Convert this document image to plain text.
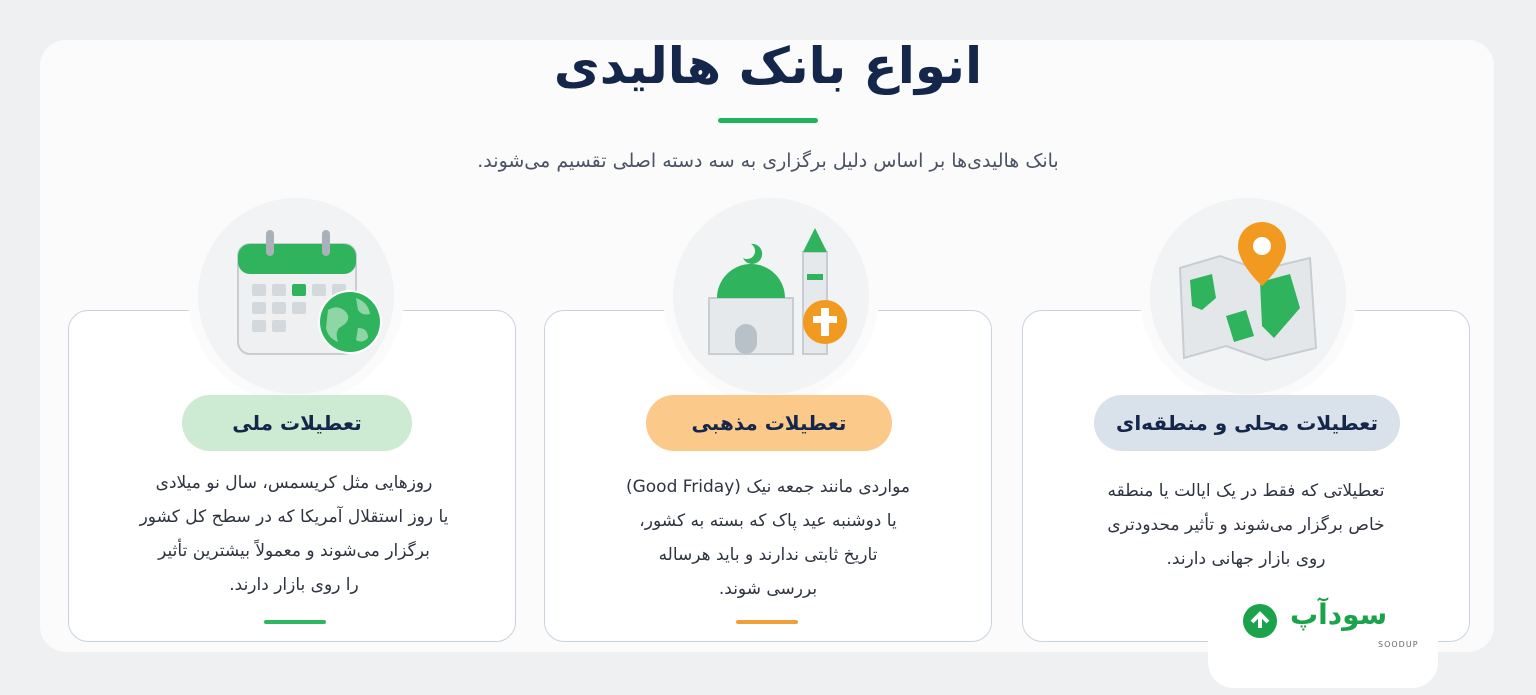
انواع بانک هالیدی
بانک هالیدی‌ها بر اساس دلیل برگزاری به سه دسته اصلی تقسیم می‌شوند.
تعطیلات محلی و منطقه‌ای
تعطیلاتی که فقط در یک ایالت یا منطقه
خاص برگزار می‌شوند و تأثیر محدودتری
روی بازار جهانی دارند.
تعطیلات مذهبی
مواردی مانند جمعه نیک (Good Friday)
یا دوشنبه عید پاک که بسته به کشور،
تاریخ ثابتی ندارند و باید هرساله
بررسی شوند.
تعطیلات ملی
روزهایی مثل کریسمس، سال نو میلادی
یا روز استقلال آمریکا که در سطح کل کشور
برگزار می‌شوند و معمولاً بیشترین تأثیر
را روی بازار دارند.
سودآپ
SOODUP
